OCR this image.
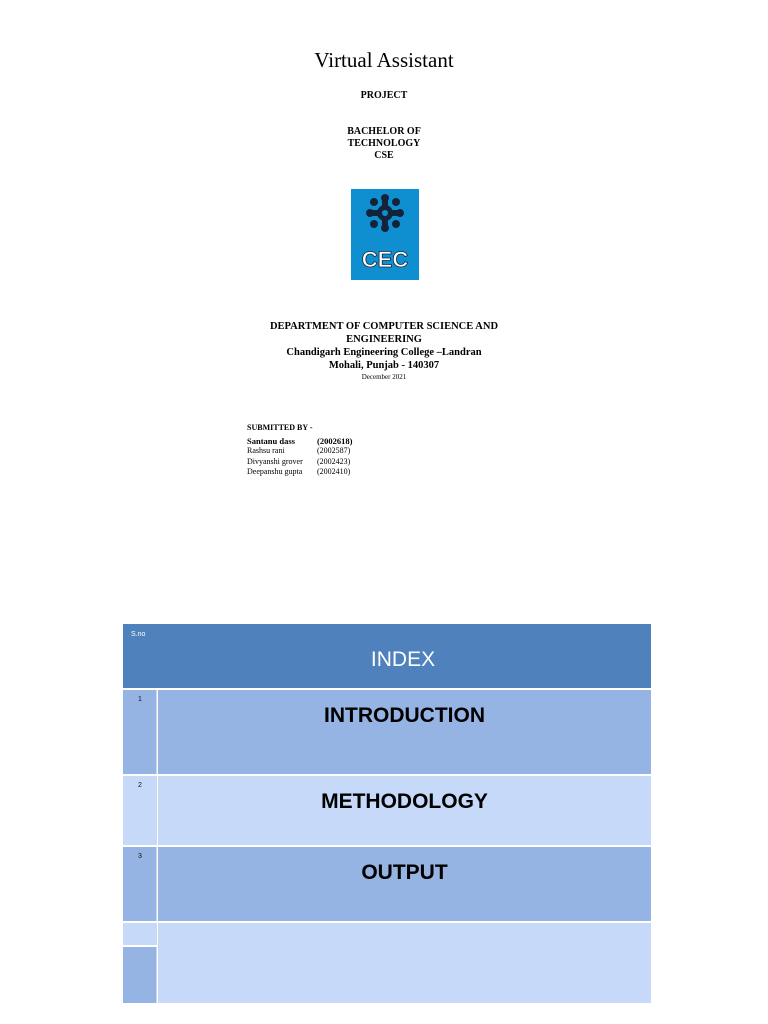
Virtual Assistant
PROJECT
BACHELOR OF
TECHNOLOGY
CSE
CEC
DEPARTMENT OF COMPUTER SCIENCE AND
ENGINEERING
Chandigarh Engineering College –Landran
Mohali, Punjab - 140307
December 2021
SUBMITTED BY -
Santanu dass	(2002618)
Rashsu rani	(2002587)
Divyanshi grover (2002423)
Deepanshu gupta (2002410)
S.no
INDEX
1
INTRODUCTION
2
METHODOLOGY
3
OUTPUT
